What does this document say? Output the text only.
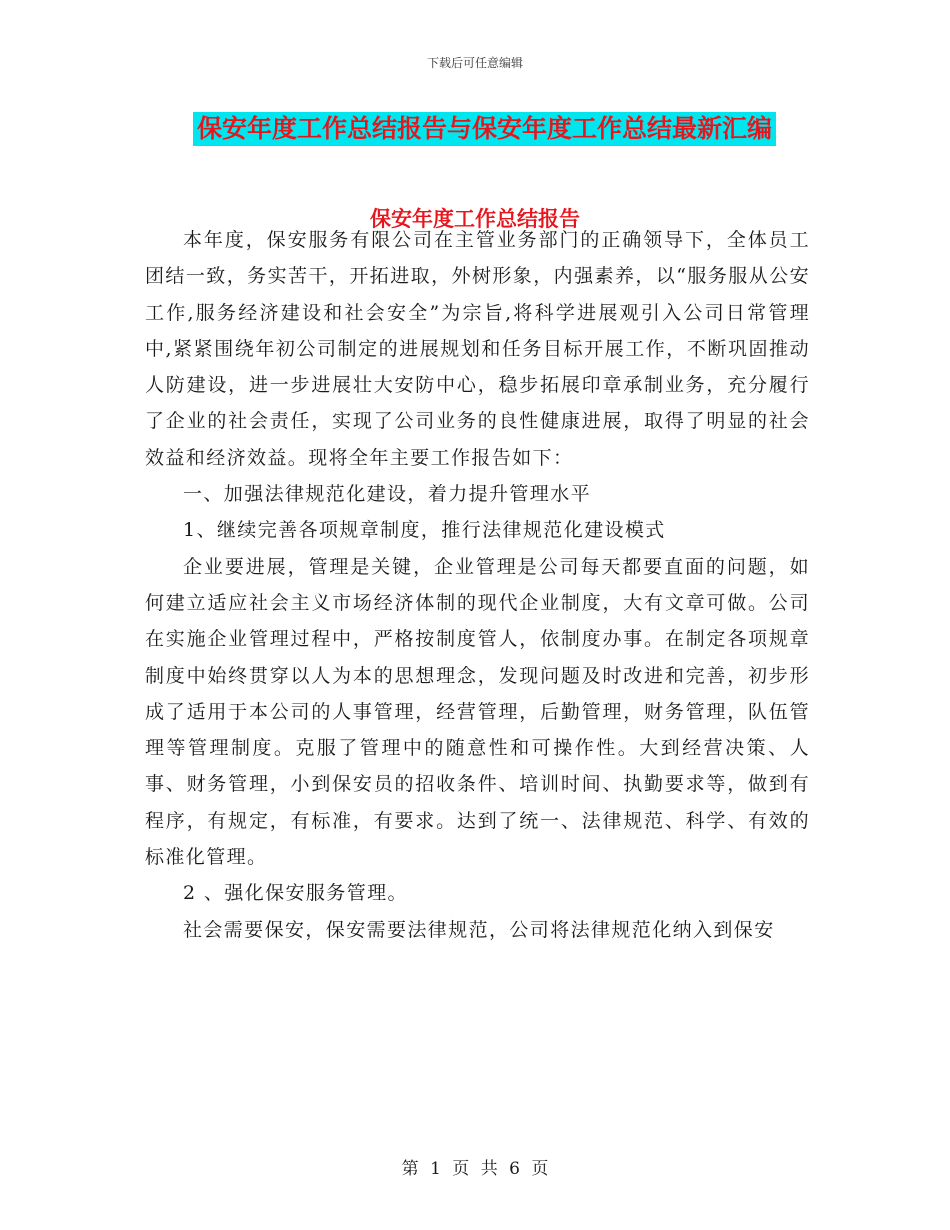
下载后可任意编辑
保安年度工作总结报告与保安年度工作总结最新汇编
保安年度工作总结报告

本年度，保安服务有限公司在主管业务部门的正确领导下，全体员工团结一致，务实苦干，开拓进取，外树形象，内强素养，以“服务服从公安工作,服务经济建设和社会安全”为宗旨,将科学进展观引入公司日常管理中,紧紧围绕年初公司制定的进展规划和任务目标开展工作，不断巩固推动人防建设，进一步进展壮大安防中心，稳步拓展印章承制业务，充分履行了企业的社会责任，实现了公司业务的良性健康进展，取得了明显的社会效益和经济效益。现将全年主要工作报告如下：

一、加强法律规范化建设，着力提升管理水平

1、继续完善各项规章制度，推行法律规范化建设模式

企业要进展，管理是关键，企业管理是公司每天都要直面的问题，如何建立适应社会主义市场经济体制的现代企业制度，大有文章可做。公司在实施企业管理过程中，严格按制度管人，依制度办事。在制定各项规章制度中始终贯穿以人为本的思想理念，发现问题及时改进和完善，初步形成了适用于本公司的人事管理，经营管理，后勤管理，财务管理，队伍管理等管理制度。克服了管理中的随意性和可操作性。大到经营决策、人事、财务管理，小到保安员的招收条件、培训时间、执勤要求等，做到有程序，有规定，有标准，有要求。达到了统一、法律规范、科学、有效的标准化管理。

2 、强化保安服务管理。

社会需要保安，保安需要法律规范，公司将法律规范化纳入到保安

第 1 页 共 6 页
